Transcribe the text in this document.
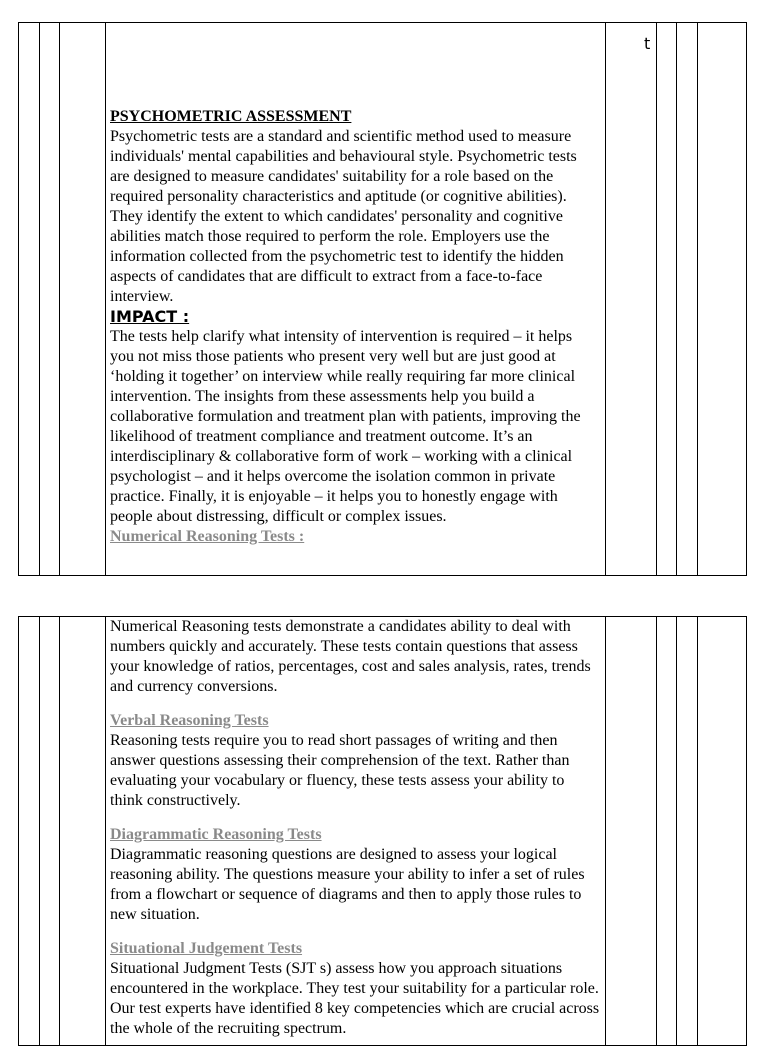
t

PSYCHOMETRIC ASSESSMENT

Psychometric tests are a standard and scientific method used to measure individuals' mental capabilities and behavioural style. Psychometric tests are designed to measure candidates' suitability for a role based on the required personality characteristics and aptitude (or cognitive abilities). They identify the extent to which candidates' personality and cognitive abilities match those required to perform the role. Employers use the information collected from the psychometric test to identify the hidden aspects of candidates that are difficult to extract from a face-to-face interview.

IMPACT :

The tests help clarify what intensity of intervention is required – it helps you not miss those patients who present very well but are just good at ‘holding it together’ on interview while really requiring far more clinical intervention. The insights from these assessments help you build a collaborative formulation and treatment plan with patients, improving the likelihood of treatment compliance and treatment outcome. It’s an interdisciplinary & collaborative form of work – working with a clinical psychologist – and it helps overcome the isolation common in private practice. Finally, it is enjoyable – it helps you to honestly engage with people about distressing, difficult or complex issues.

Numerical Reasoning Tests :

Numerical Reasoning tests demonstrate a candidates ability to deal with numbers quickly and accurately. These tests contain questions that assess your knowledge of ratios, percentages, cost and sales analysis, rates, trends and currency conversions.

Verbal Reasoning Tests

Reasoning tests require you to read short passages of writing and then answer questions assessing their comprehension of the text. Rather than evaluating your vocabulary or fluency, these tests assess your ability to think constructively.

Diagrammatic Reasoning Tests

Diagrammatic reasoning questions are designed to assess your logical reasoning ability. The questions measure your ability to infer a set of rules from a flowchart or sequence of diagrams and then to apply those rules to new situation.

Situational Judgement Tests

Situational Judgment Tests (SJT s) assess how you approach situations encountered in the workplace. They test your suitability for a particular role. Our test experts have identified 8 key competencies which are crucial across the whole of the recruiting spectrum.
